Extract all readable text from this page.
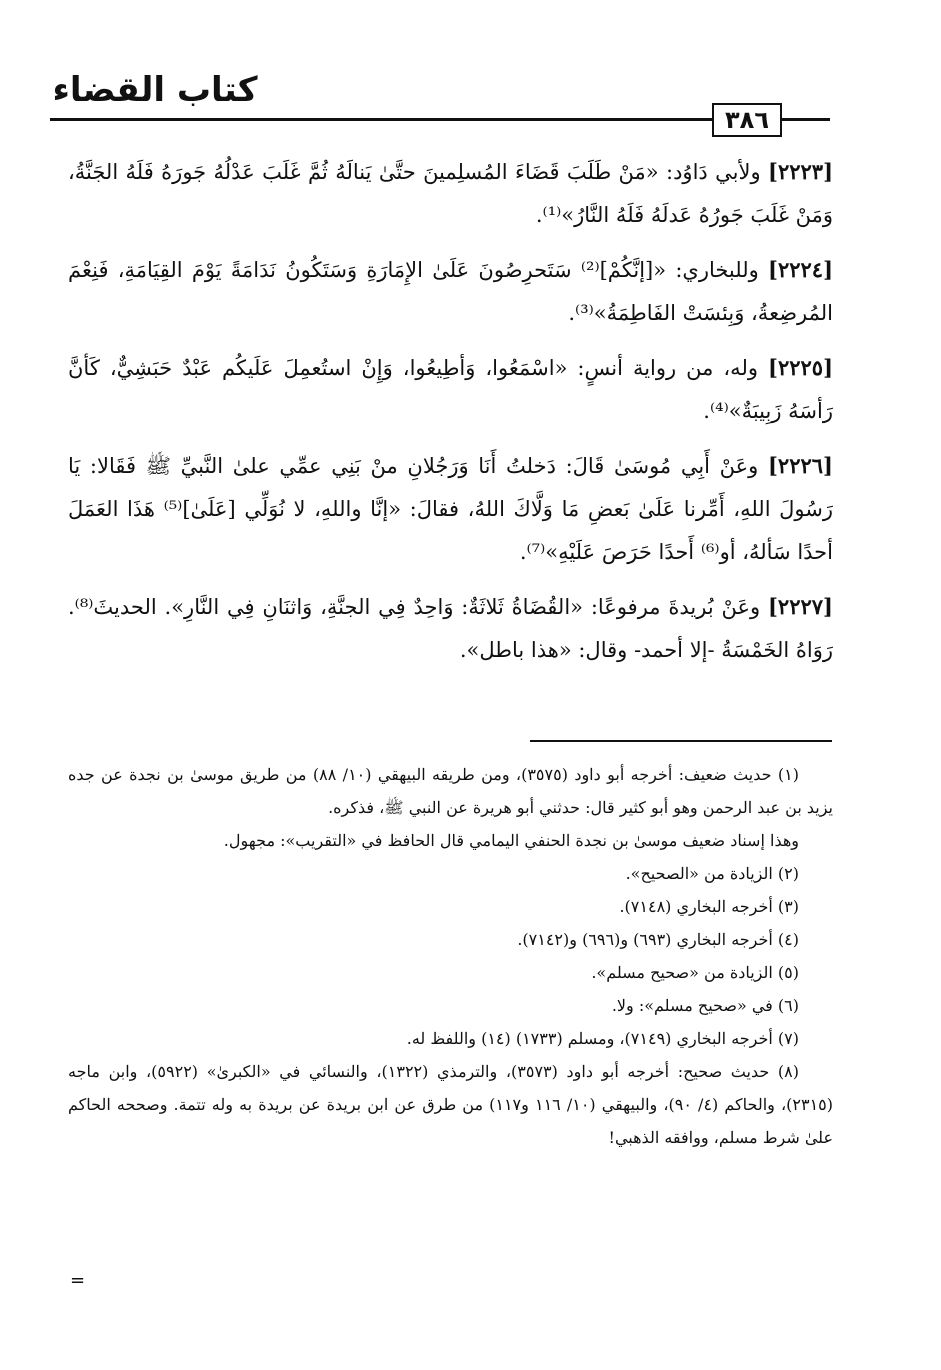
كتاب القضاء
٣٨٦

[٢٢٢٣] ولأبي دَاوُد: «مَنْ طَلَبَ قَضَاءَ المُسلِمينَ حتَّىٰ يَنالَهُ ثُمَّ غَلَبَ عَدْلُهُ جَورَهُ فَلَهُ الجَنَّةُ، وَمَنْ غَلَبَ جَورُهُ عَدلَهُ فَلَهُ النَّارُ»⁽¹⁾.

[٢٢٢٤] وللبخاري: «[إنَّكُمْ]⁽²⁾ سَتَحرِصُونَ عَلَىٰ الإِمَارَةِ وَسَتَكُونُ نَدَامَةً يَوْمَ القِيَامَةِ، فَنِعْمَ المُرضِعةُ، وَبِئسَتْ الفَاطِمَةُ»⁽³⁾.

[٢٢٢٥] وله، من رواية أنسٍ: «اسْمَعُوا، وَأطِيعُوا، وَإِنْ استُعمِلَ عَلَيكُم عَبْدٌ حَبَشِيٌّ، كَأنَّ رَأسَهُ زَبِيبَةٌ»⁽⁴⁾.

[٢٢٢٦] وعَنْ أَبِي مُوسَىٰ قَالَ: دَخلتُ أَنَا وَرَجُلانِ منْ بَنِي عمِّي علىٰ النَّبيِّ ﷺ فَقَالا: يَا رَسُولَ اللهِ، أَمِّرنا عَلَىٰ بَعضِ مَا وَلَّاكَ اللهُ، فقالَ: «إنَّا واللهِ، لا نُوَلِّي [عَلَىٰ]⁽⁵⁾ هَذَا العَمَلَ أحدًا سَألهُ، أو⁽⁶⁾ أَحدًا حَرَصَ عَلَيْهِ»⁽⁷⁾.

[٢٢٢٧] وعَنْ بُريدةَ مرفوعًا: «القُضَاةُ ثَلاثَةٌ: وَاحِدٌ فِي الجنَّةِ، وَاثنَانِ فِي النَّارِ». الحديثَ⁽⁸⁾. رَوَاهُ الخَمْسَةُ -إلا أحمد- وقال: «هذا باطل».

(١) حديث ضعيف: أخرجه أبو داود (٣٥٧٥)، ومن طريقه البيهقي (١٠/ ٨٨) من طريق موسىٰ بن نجدة عن جده يزيد بن عبد الرحمن وهو أبو كثير قال: حدثني أبو هريرة عن النبي ﷺ، فذكره.

وهذا إسناد ضعيف موسىٰ بن نجدة الحنفي اليمامي قال الحافظ في «التقريب»: مجهول.

(٢) الزيادة من «الصحيح».

(٣) أخرجه البخاري (٧١٤٨).

(٤) أخرجه البخاري (٦٩٣) و(٦٩٦) و(٧١٤٢).

(٥) الزيادة من «صحيح مسلم».

(٦) في «صحيح مسلم»: ولا.

(٧) أخرجه البخاري (٧١٤٩)، ومسلم (١٧٣٣) (١٤) واللفظ له.

(٨) حديث صحيح: أخرجه أبو داود (٣٥٧٣)، والترمذي (١٣٢٢)، والنسائي في «الكبرىٰ» (٥٩٢٢)، وابن ماجه (٢٣١٥)، والحاكم (٤/ ٩٠)، والبيهقي (١٠/ ١١٦ و١١٧) من طرق عن ابن بريدة عن بريدة به وله تتمة. وصححه الحاكم علىٰ شرط مسلم، ووافقه الذهبي!

=
